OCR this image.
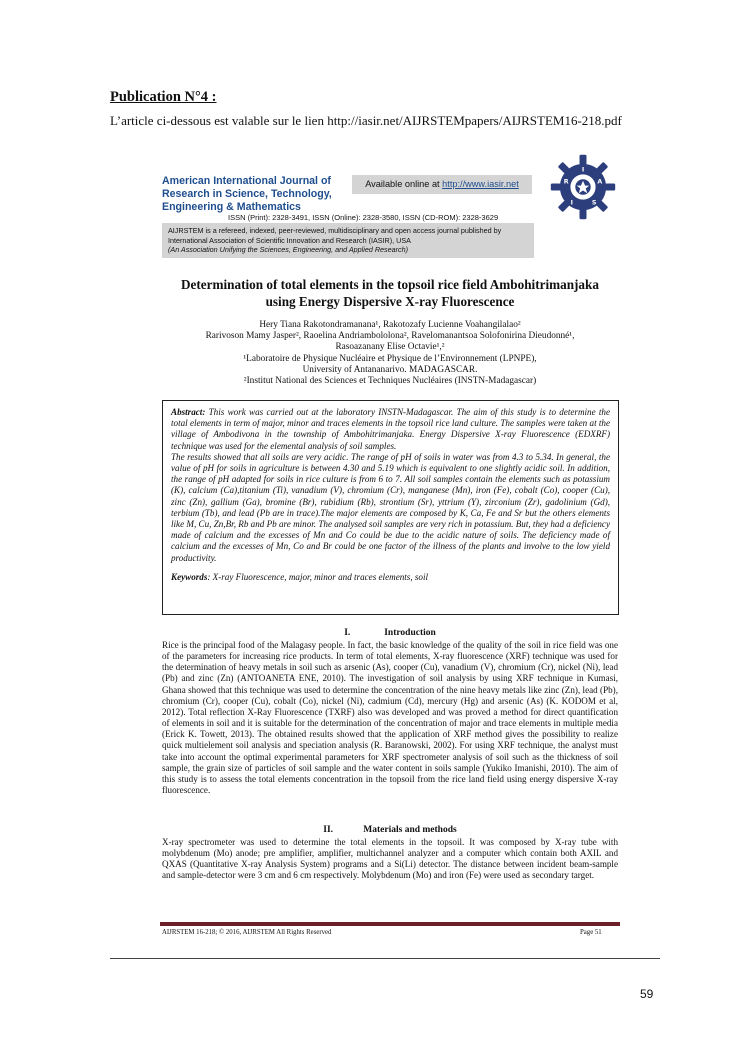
Publication N°4 :
L’article ci-dessous est valable sur le lien http://iasir.net/AIJRSTEMpapers/AIJRSTEM16-218.pdf
American International Journal of
Research in Science, Technology,
Engineering & Mathematics
Available online at http://www.iasir.net
I
A
S
I
R
ISSN (Print): 2328-3491, ISSN (Online): 2328-3580, ISSN (CD-ROM): 2328-3629
AIJRSTEM is a refereed, indexed, peer-reviewed, multidisciplinary and open access journal published by
International Association of Scientific Innovation and Research (IASIR), USA
(An Association Unifying the Sciences, Engineering, and Applied Research)
Determination of total elements in the topsoil rice field Ambohitrimanjaka
using Energy Dispersive X-ray Fluorescence
Hery Tiana Rakotondramanana¹, Rakotozafy Lucienne Voahangilalao²
Rarivoson Mamy Jasper², Raoelina Andriambololona², Ravelomanantsoa Solofonirina Dieudonné¹,
Rasoazanany Elise Octavie¹,²
¹Laboratoire de Physique Nucléaire et Physique de l’Environnement (LPNPE),
University of Antananarivo. MADAGASCAR.
²Institut National des Sciences et Techniques Nucléaires (INSTN-Madagascar)

Abstract: This work was carried out at the laboratory INSTN-Madagascar. The aim of this study is to determine the total elements in term of major, minor and traces elements in the topsoil rice land culture. The samples were taken at the village of Ambodivona in the township of Ambohitrimanjaka. Energy Dispersive X-ray Fluorescence (EDXRF) technique was used for the elemental analysis of soil samples.

The results showed that all soils are very acidic. The range of pH of soils in water was from 4.3 to 5.34. In general, the value of pH for soils in agriculture is between 4.30 and 5.19 which is equivalent to one slightly acidic soil. In addition, the range of pH adapted for soils in rice culture is from 6 to 7. All soil samples contain the elements such as potassium (K), calcium (Ca),titanium (Ti), vanadium (V), chromium (Cr), manganese (Mn), iron (Fe), cobalt (Co), cooper (Cu), zinc (Zn), gallium (Ga), bromine (Br), rubidium (Rb), strontium (Sr), yttrium (Y), zirconium (Zr), gadolinium (Gd), terbium (Tb), and lead (Pb are in trace).The major elements are composed by K, Ca, Fe and Sr but the others elements like M, Cu, Zn,Br, Rb and Pb are minor. The analysed soil samples are very rich in potassium. But, they had a deficiency made of calcium and the excesses of Mn and Co could be due to the acidic nature of soils. The deficiency made of calcium and the excesses of Mn, Co and Br could be one factor of the illness of the plants and involve to the low yield productivity.

Keywords: X-ray Fluorescence, major, minor and traces elements, soil

I.	Introduction

Rice is the principal food of the Malagasy people. In fact, the basic knowledge of the quality of the soil in rice field was one of the parameters for increasing rice products. In term of total elements, X-ray fluorescence (XRF) technique was used for the determination of heavy metals in soil such as arsenic (As), cooper (Cu), vanadium (V), chromium (Cr), nickel (Ni), lead (Pb) and zinc (Zn) (ANTOANETA ENE, 2010). The investigation of soil analysis by using XRF technique in Kumasi, Ghana showed that this technique was used to determine the concentration of the nine heavy metals like zinc (Zn), lead (Pb), chromium (Cr), cooper (Cu), cobalt (Co), nickel (Ni), cadmium (Cd), mercury (Hg) and arsenic (As) (K. KODOM et al, 2012). Total reflection X-Ray Fluorescence (TXRF) also was developed and was proved a method for direct quantification of elements in soil and it is suitable for the determination of the concentration of major and trace elements in multiple media (Erick K. Towett, 2013). The obtained results showed that the application of XRF method gives the possibility to realize quick multielement soil analysis and speciation analysis (R. Baranowski, 2002). For using XRF technique, the analyst must take into account the optimal experimental parameters for XRF spectrometer analysis of soil such as the thickness of soil sample, the grain size of particles of soil sample and the water content in soils sample (Yukiko Imanishi, 2010). The aim of this study is to assess the total elements concentration in the topsoil from the rice land field using energy dispersive X-ray fluorescence.

II.	Materials and methods

X-ray spectrometer was used to determine the total elements in the topsoil. It was composed by X-ray tube with molybdenum (Mo) anode; pre amplifier, amplifier, multichannel analyzer and a computer which contain both AXIL and QXAS (Quantitative X-ray Analysis System) programs and a Si(Li) detector. The distance between incident beam-sample and sample-detector were 3 cm and 6 cm respectively. Molybdenum (Mo) and iron (Fe) were used as secondary target.

AIJRSTEM 16-218; © 2016, AIJRSTEM All Rights Reserved	Page 51
59
